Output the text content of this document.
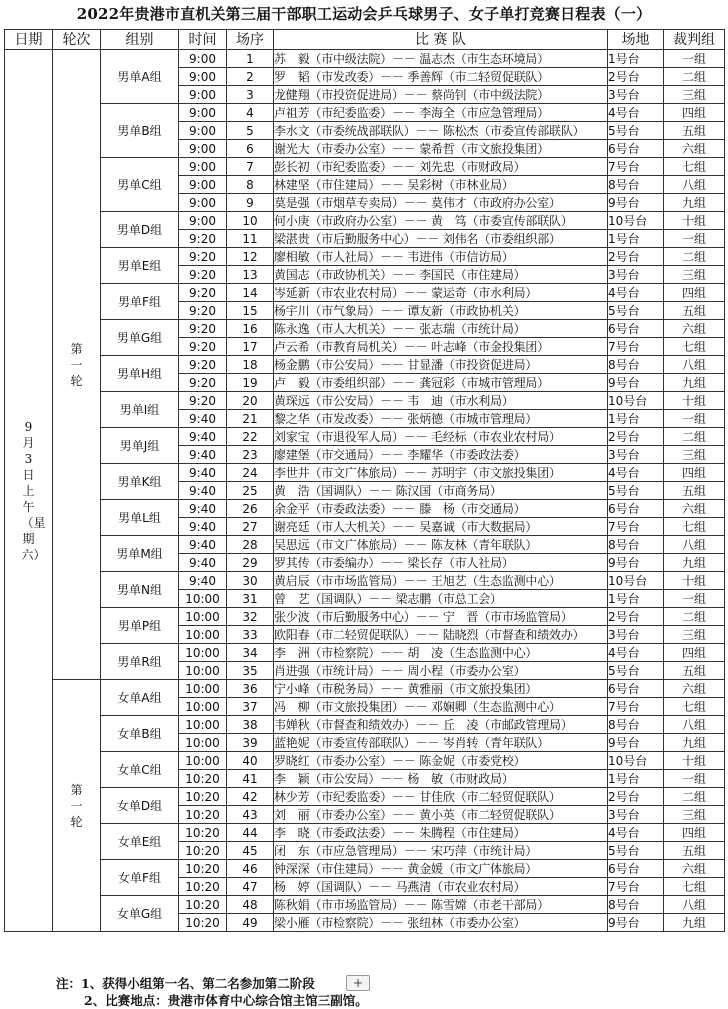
2022年贵港市直机关第三届干部职工运动会乒乓球男子、女子单打竞赛日程表（一）
日期	轮次	组别	时间	场序	比 赛 队	场地	裁判组
9月3日上午（星期六）	第一轮	男单A组	9:00	1	苏　毅（市中级法院）－－ 温志杰（市生态环境局）	1号台	一组
			9:00	2	罗　韬（市发改委）－－ 季善辉（市二轻贸促联队）	2号台	二组
			9:00	3	龙健翔（市投资促进局）－－ 蔡尚钊（市中级法院）	3号台	三组
		男单B组	9:00	4	卢祖芳（市纪委监委）－－ 李海全（市应急管理局）	4号台	四组
			9:00	5	李水文（市委统战部联队）－－ 陈松杰（市委宣传部联队）	5号台	五组
			9:00	6	谢光大（市委办公室）－－ 蒙希哲（市文旅投集团）	6号台	六组
		男单C组	9:00	7	彭长初（市纪委监委）－－ 刘先忠（市财政局）	7号台	七组
			9:00	8	林建坚（市住建局）－－ 吴彩树（市林业局）	8号台	八组
			9:00	9	莫是强（市烟草专卖局）－－ 莫伟才（市政府办公室）	9号台	九组
		男单D组	9:00	10	何小庚（市政府办公室）－－ 黄　笃（市委宣传部联队）	10号台	十组
			9:20	11	梁湛贵（市后勤服务中心）－－ 刘伟名（市委组织部）	1号台	一组
		男单E组	9:20	12	廖相敏（市人社局）－－ 韦进伟（市信访局）	2号台	二组
			9:20	13	黄国志（市政协机关）－－ 李国民（市住建局）	3号台	三组
		男单F组	9:20	14	岑延新（市农业农村局）－－ 蒙运奇（市水利局）	4号台	四组
			9:20	15	杨宇川（市气象局）－－ 谭友新（市政协机关）	5号台	五组
		男单G组	9:20	16	陈永逸（市人大机关）－－ 张志瑞（市统计局）	6号台	六组
			9:20	17	卢云希（市教育局机关）－－ 叶志峰（市金投集团）	7号台	七组
		男单H组	9:20	18	杨金鹏（市公安局）－－ 甘显潘（市投资促进局）	8号台	八组
			9:20	19	卢　毅（市委组织部）－－ 龚冠彩（市城市管理局）	9号台	九组
		男单I组	9:20	20	黄琛远（市公安局）－－ 韦　迪（市水利局）	10号台	十组
			9:40	21	黎之华（市发改委）－－ 张炳德（市城市管理局）	1号台	一组
		男单J组	9:40	22	刘家宝（市退役军人局）－－ 毛经标（市农业农村局）	2号台	二组
			9:40	23	廖建堡（市交通局）－－ 李耀华（市委政法委）	3号台	三组
		男单K组	9:40	24	李世井（市文广体旅局）－－ 苏明宇（市文旅投集团）	4号台	四组
			9:40	25	黄　浩（国调队）－－ 陈汉国（市商务局）	5号台	五组
		男单L组	9:40	26	余金平（市委政法委）－－ 滕　杨（市交通局）	6号台	六组
			9:40	27	谢亮廷（市人大机关）－－ 吴嘉诚（市大数据局）	7号台	七组
		男单M组	9:40	28	吴思远（市文广体旅局）－－ 陈友林（青年联队）	8号台	八组
			9:40	29	罗其传（市委编办）－－ 梁长存（市人社局）	9号台	九组
		男单N组	9:40	30	黄启辰（市市场监管局）－－ 王旭艺（生态监测中心）	10号台	十组
			10:00	31	曾　艺（国调队）－－ 梁志鹏（市总工会）	1号台	一组
		男单P组	10:00	32	张少波（市后勤服务中心）－－ 宁　晋（市市场监管局）	2号台	二组
			10:00	33	欧阳春（市二轻贸促联队）－－ 陆晓烈（市督查和绩效办）	3号台	三组
		男单R组	10:00	34	李　洲（市检察院）－－ 胡　凌（生态监测中心）	4号台	四组
			10:00	35	肖进强（市统计局）－－ 周小程（市委办公室）	5号台	五组
	第一轮	女单A组	10:00	36	宁小峰（市税务局）－－ 黄雅丽（市文旅投集团）	6号台	六组
			10:00	37	冯　柳（市文旅投集团）－－ 邓娴卿（生态监测中心）	7号台	七组
		女单B组	10:00	38	韦婵秋（市督查和绩效办）－－ 丘　凌（市邮政管理局）	8号台	八组
			10:00	39	蓝艳妮（市委宣传部联队）－－ 岑肖转（青年联队）	9号台	九组
		女单C组	10:00	40	罗晓红（市委办公室）－－ 陈金妮（市委党校）	10号台	十组
			10:20	41	李　颖（市公安局）－－ 杨　敏（市财政局）	1号台	一组
		女单D组	10:20	42	林少芳（市纪委监委）－－ 甘佳欣（市二轻贸促联队）	2号台	二组
			10:20	43	刘　丽（市委办公室）－－ 黄小英（市二轻贸促联队）	3号台	三组
		女单E组	10:20	44	李　晓（市委政法委）－－ 朱腾程（市住建局）	4号台	四组
			10:20	45	闭　东（市应急管理局）－－ 宋巧萍（市统计局）	5号台	五组
		女单F组	10:20	46	钟深深（市住建局）－－ 黄金媛（市文广体旅局）	6号台	六组
			10:20	47	杨　婷（国调队）－－ 马燕清（市农业农村局）	7号台	七组
		女单G组	10:20	48	陈秋娟（市市场监管局）－－ 陈雪嫦（市老干部局）	8号台	八组
			10:20	49	梁小雁（市检察院）－－ 张纽林（市委办公室）	9号台	九组
注：1、获得小组第一名、第二名参加第二阶段
2、比赛地点：贵港市体育中心综合馆主馆三副馆。
+
